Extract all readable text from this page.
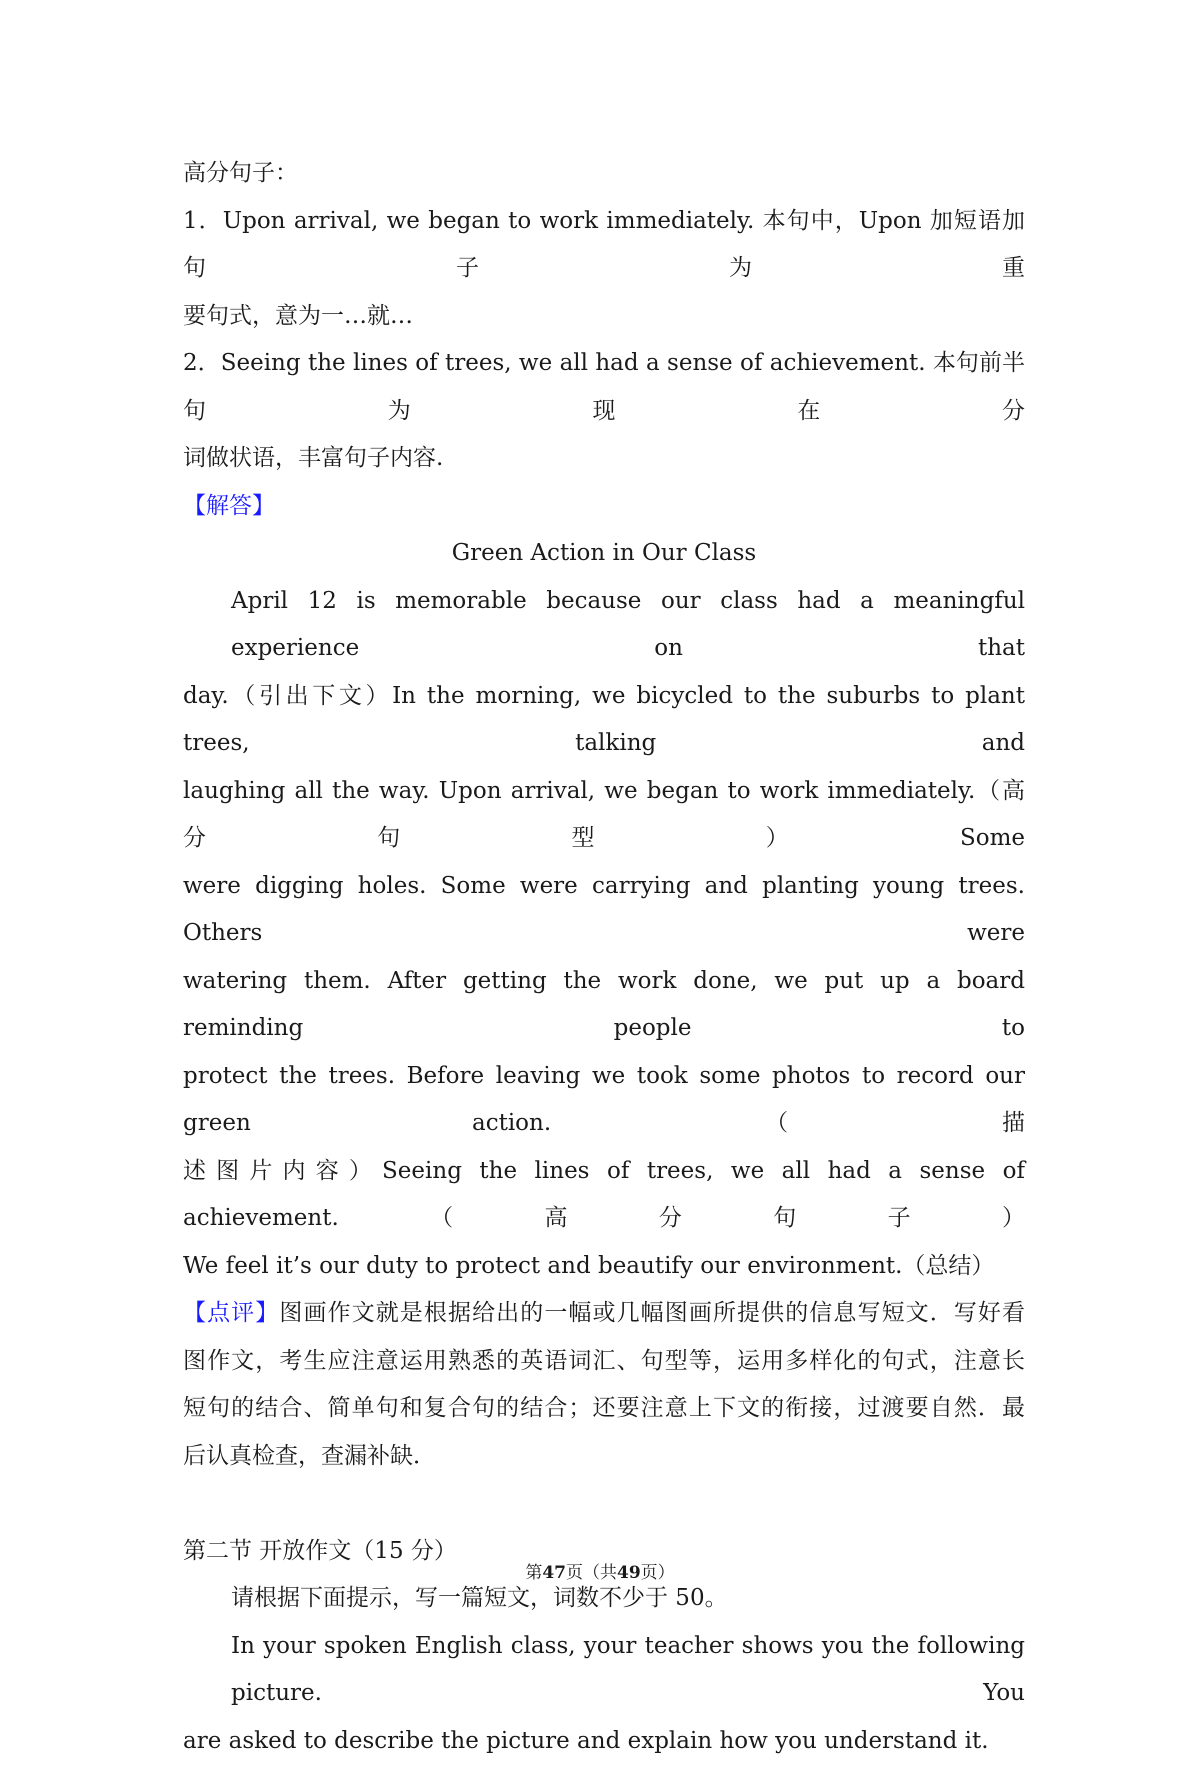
高分句子：

1．Upon arrival, we began to work immediately. 本句中，Upon 加短语加句子为重

要句式，意为一…就…

2．Seeing the lines of trees, we all had a sense of achievement. 本句前半句为现在分

词做状语，丰富句子内容.

【解答】

Green Action in Our Class

April 12 is memorable because our class had a meaningful experience on that

day.（引出下文）In the morning, we bicycled to the suburbs to plant trees, talking and

laughing all the way. Upon arrival, we began to work immediately.（高分句型）Some

were digging holes. Some were carrying and planting young trees. Others were

watering them. After getting the work done, we put up a board reminding people to

protect the trees. Before leaving we took some photos to record our green action.（描

述图片内容）Seeing the lines of trees, we all had a sense of achievement.（高分句子）

We feel it’s our duty to protect and beautify our environment.（总结）

【点评】图画作文就是根据给出的一幅或几幅图画所提供的信息写短文．写好看

图作文，考生应注意运用熟悉的英语词汇、句型等，运用多样化的句式，注意长

短句的结合、简单句和复合句的结合；还要注意上下文的衔接，过渡要自然．最

后认真检查，查漏补缺．

第二节 开放作文（15 分）

请根据下面提示，写一篇短文，词数不少于 50。

In your spoken English class, your teacher shows you the following picture. You

are asked to describe the picture and explain how you understand it.

第47页（共49页）
